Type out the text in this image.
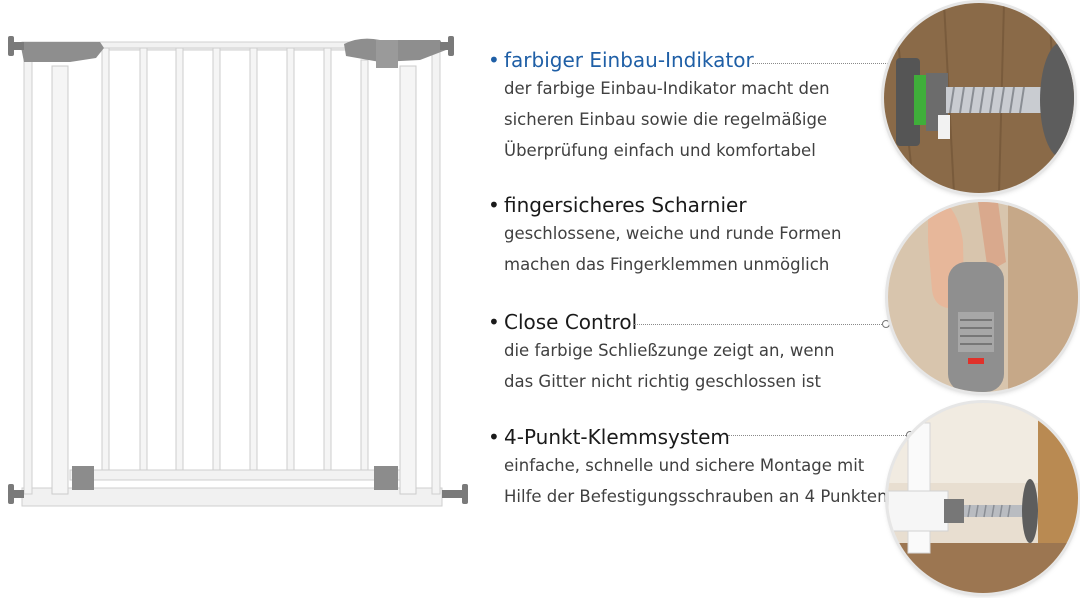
• farbiger Einbau-Indikator
der farbige Einbau-Indikator macht den
sicheren Einbau sowie die regelmäßige
Überprüfung einfach und komfortabel
• fingersicheres Scharnier
geschlossene, weiche und runde Formen
machen das Fingerklemmen unmöglich
• Close Control
die farbige Schließzunge zeigt an, wenn
das Gitter nicht richtig geschlossen ist
• 4-Punkt-Klemmsystem
einfache, schnelle und sichere Montage mit
Hilfe der Befestigungsschrauben an 4 Punkten
